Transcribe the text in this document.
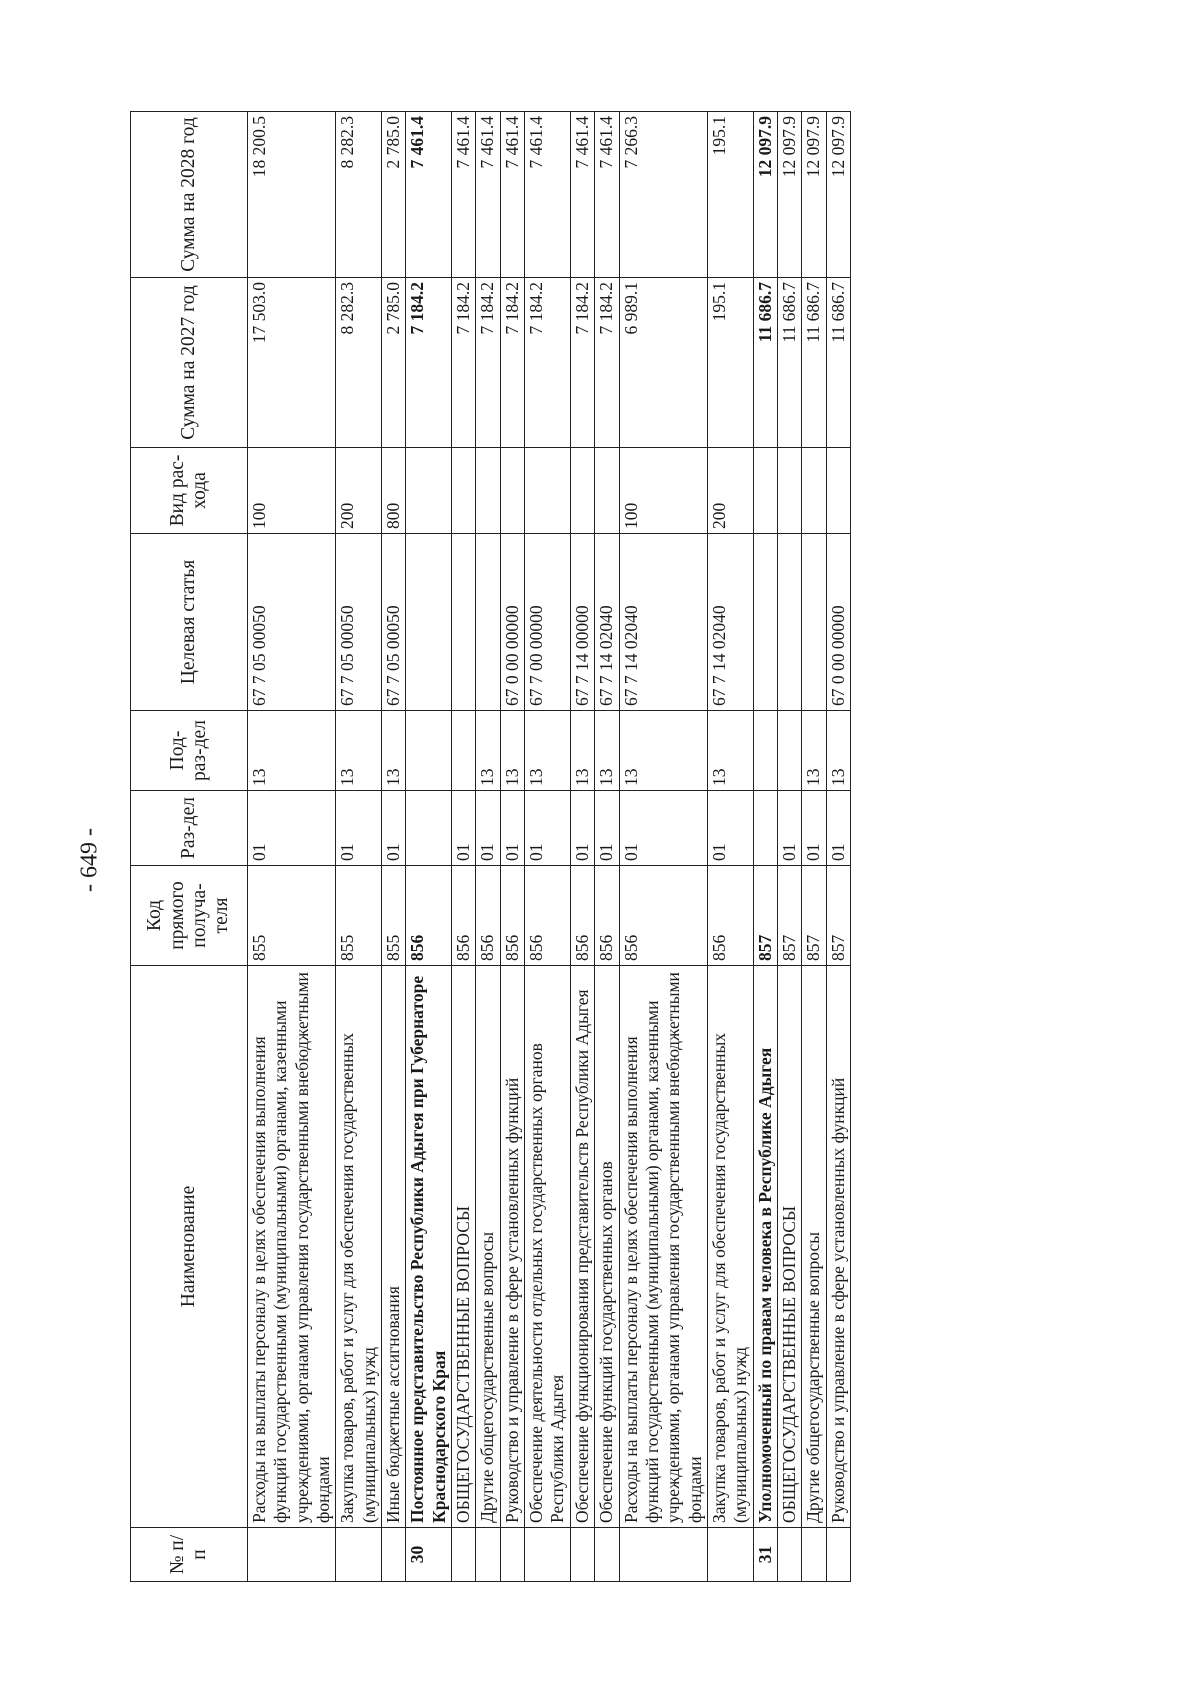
- 649 -
№ п/п	Наименование	Код прямого получа-теля	Раз-дел	Под-раз-дел	Целевая статья	Вид рас-хода	Сумма на 2027 год	Сумма на 2028 год
	Расходы на выплаты персоналу в целях обеспечения выполнения функций государственными (муниципальными) органами, казенными учреждениями, органами управления государственными внебюджетными фондами	855	01	13	67 7 05 00050	100	17 503.0	18 200.5
	Закупка товаров, работ и услуг для обеспечения государственных (муниципальных) нужд	855	01	13	67 7 05 00050	200	8 282.3	8 282.3
	Иные бюджетные ассигнования	855	01	13	67 7 05 00050	800	2 785.0	2 785.0
30	Постоянное представительство Республики Адыгея при Губернаторе Краснодарского Края	856					7 184.2	7 461.4
	ОБЩЕГОСУДАРСТВЕННЫЕ ВОПРОСЫ	856	01				7 184.2	7 461.4
	Другие общегосударственные вопросы	856	01	13			7 184.2	7 461.4
	Руководство и управление в сфере установленных функций	856	01	13	67 0 00 00000		7 184.2	7 461.4
	Обеспечение деятельности отдельных государственных органов Республики Адыгея	856	01	13	67 7 00 00000		7 184.2	7 461.4
	Обеспечение функционирования представительств Республики Адыгея	856	01	13	67 7 14 00000		7 184.2	7 461.4
	Обеспечение функций государственных органов	856	01	13	67 7 14 02040		7 184.2	7 461.4
	Расходы на выплаты персоналу в целях обеспечения выполнения функций государственными (муниципальными) органами, казенными учреждениями, органами управления государственными внебюджетными фондами	856	01	13	67 7 14 02040	100	6 989.1	7 266.3
	Закупка товаров, работ и услуг для обеспечения государственных (муниципальных) нужд	856	01	13	67 7 14 02040	200	195.1	195.1
31	Уполномоченный по правам человека в Республике Адыгея	857					11 686.7	12 097.9
	ОБЩЕГОСУДАРСТВЕННЫЕ ВОПРОСЫ	857	01				11 686.7	12 097.9
	Другие общегосударственные вопросы	857	01	13			11 686.7	12 097.9
	Руководство и управление в сфере установленных функций	857	01	13	67 0 00 00000		11 686.7	12 097.9
